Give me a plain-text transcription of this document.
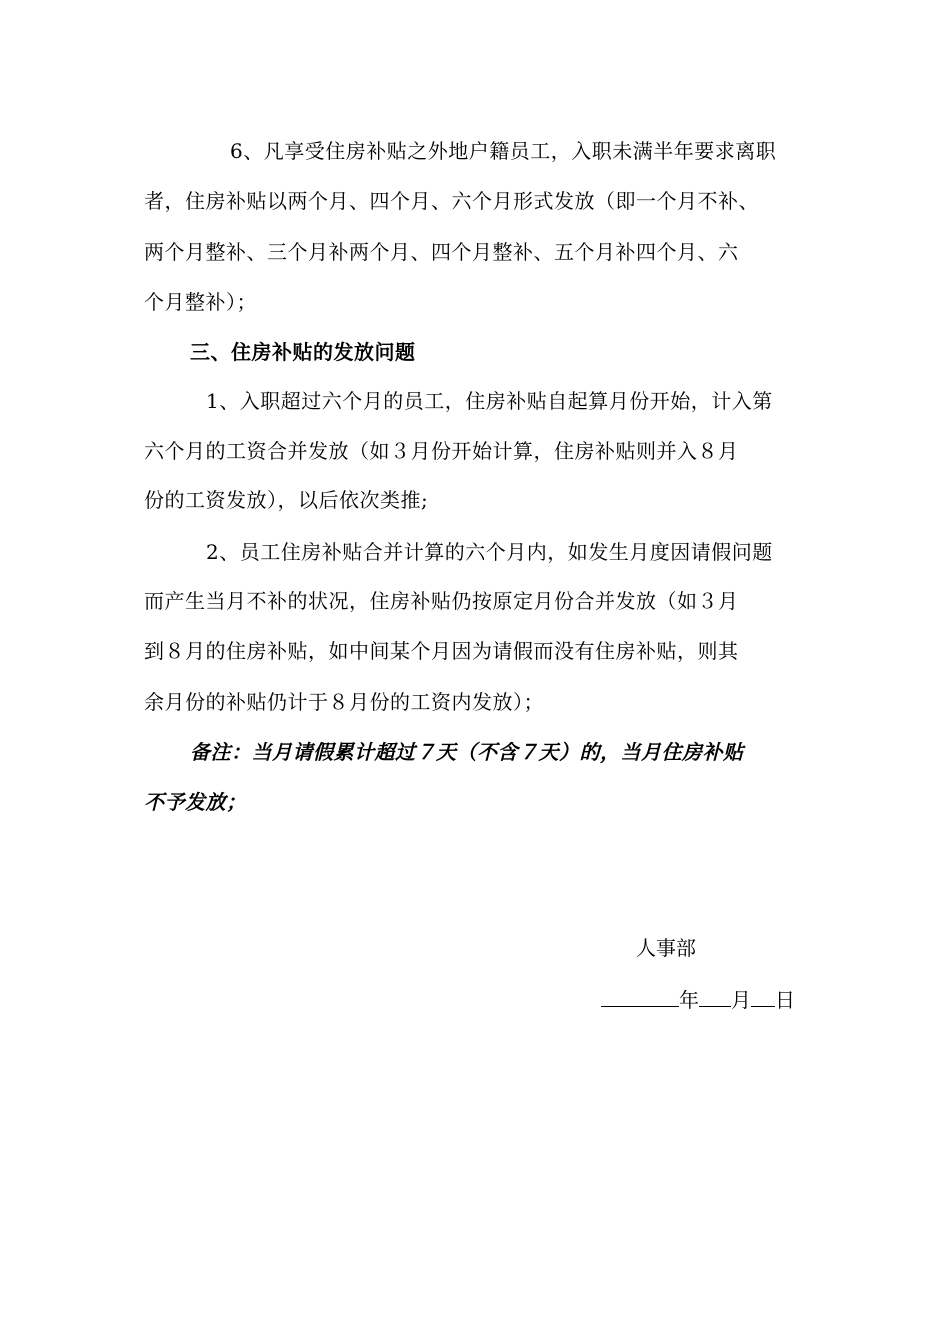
6、凡享受住房补贴之外地户籍员工，入职未满半年要求离职
者，住房补贴以两个月、四个月、六个月形式发放（即一个月不补、
两个月整补、三个月补两个月、四个月整补、五个月补四个月、六
个月整补）；
三、住房补贴的发放问题
1、入职超过六个月的员工，住房补贴自起算月份开始，计入第
六个月的工资合并发放（如３月份开始计算，住房补贴则并入８月
份的工资发放），以后依次类推;
2、员工住房补贴合并计算的六个月内，如发生月度因请假问题
而产生当月不补的状况，住房补贴仍按原定月份合并发放（如３月
到８月的住房补贴，如中间某个月因为请假而没有住房补贴，则其
余月份的补贴仍计于８月份的工资内发放）；
备注：当月请假累计超过７天（不含７天）的，当月住房补贴
不予发放；
人事部
年 月 日
